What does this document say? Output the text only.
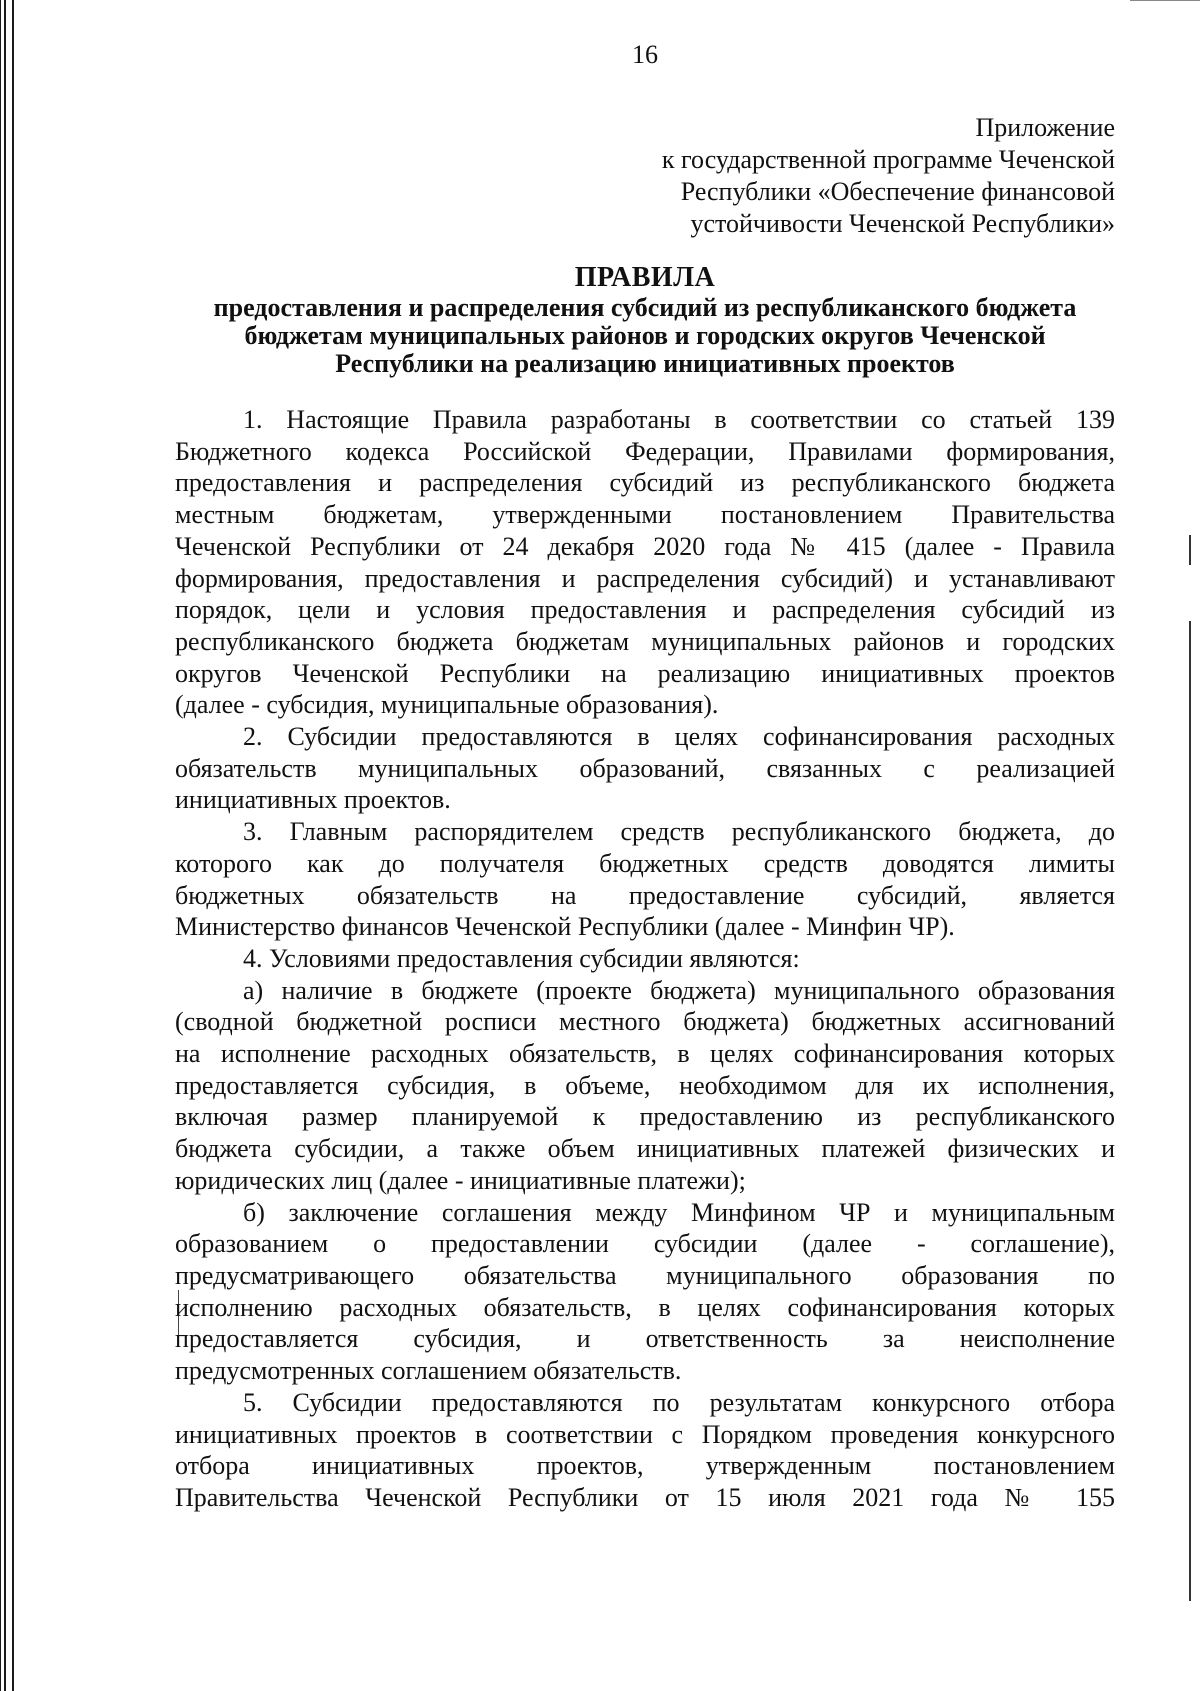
16
Приложение
к государственной программе Чеченской
Республики «Обеспечение финансовой
устойчивости Чеченской Республики»
ПРАВИЛА
предоставления и распределения субсидий из республиканского бюджета
бюджетам муниципальных районов и городских округов Чеченской
Республики на реализацию инициативных проектов
1. Настоящие Правила разработаны в соответствии со статьей 139
Бюджетного кодекса Российской Федерации, Правилами формирования,
предоставления и распределения субсидий из республиканского бюджета
местным бюджетам, утвержденными постановлением Правительства
Чеченской Республики от 24 декабря 2020 года № 415 (далее - Правила
формирования, предоставления и распределения субсидий) и устанавливают
порядок, цели и условия предоставления и распределения субсидий из
республиканского бюджета бюджетам муниципальных районов и городских
округов Чеченской Республики на реализацию инициативных проектов
(далее - субсидия, муниципальные образования).
2. Субсидии предоставляются в целях софинансирования расходных
обязательств муниципальных образований, связанных с реализацией
инициативных проектов.
3. Главным распорядителем средств республиканского бюджета, до
которого как до получателя бюджетных средств доводятся лимиты
бюджетных обязательств на предоставление субсидий, является
Министерство финансов Чеченской Республики (далее - Минфин ЧР).
4. Условиями предоставления субсидии являются:
а) наличие в бюджете (проекте бюджета) муниципального образования
(сводной бюджетной росписи местного бюджета) бюджетных ассигнований
на исполнение расходных обязательств, в целях софинансирования которых
предоставляется субсидия, в объеме, необходимом для их исполнения,
включая размер планируемой к предоставлению из республиканского
бюджета субсидии, а также объем инициативных платежей физических и
юридических лиц (далее - инициативные платежи);
б) заключение соглашения между Минфином ЧР и муниципальным
образованием о предоставлении субсидии (далее - соглашение),
предусматривающего обязательства муниципального образования по
исполнению расходных обязательств, в целях софинансирования которых
предоставляется субсидия, и ответственность за неисполнение
предусмотренных соглашением обязательств.
5. Субсидии предоставляются по результатам конкурсного отбора
инициативных проектов в соответствии с Порядком проведения конкурсного
отбора инициативных проектов, утвержденным постановлением
Правительства Чеченской Республики от 15 июля 2021 года № 155
